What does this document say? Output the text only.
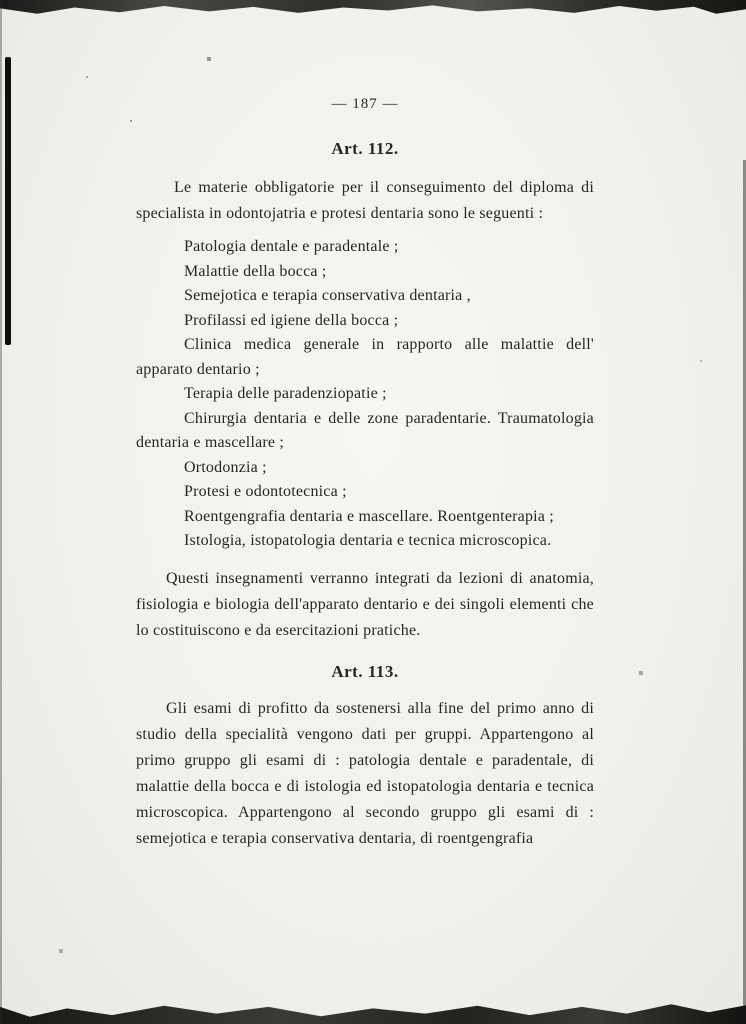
— 187 —
Art. 112.

Le materie obbligatorie per il conseguimento del diploma di specialista in odontojatria e protesi dentaria sono le seguenti :

Patologia dentale e paradentale ;

Malattie della bocca ;

Semejotica e terapia conservativa dentaria ,

Profilassi ed igiene della bocca ;

Clinica medica generale in rapporto alle malattie dell' apparato dentario ;

Terapia delle paradenziopatie ;

Chirurgia dentaria e delle zone paradentarie. Traumatologia dentaria e mascellare ;

Ortodonzia ;

Protesi e odontotecnica ;

Roentgengrafia dentaria e mascellare. Roentgenterapia ;

Istologia, istopatologia dentaria e tecnica microscopica.

Questi insegnamenti verranno integrati da lezioni di anatomia, fisiologia e biologia dell'apparato dentario e dei singoli elementi che lo costituiscono e da esercitazioni pratiche.

Art. 113.

Gli esami di profitto da sostenersi alla fine del primo anno di studio della specialità vengono dati per gruppi. Appartengono al primo gruppo gli esami di : patologia dentale e paradentale, di malattie della bocca e di istologia ed istopatologia dentaria e tecnica microscopica. Appartengono al secondo gruppo gli esami di : semejotica e terapia conservativa dentaria, di roentgengrafia
